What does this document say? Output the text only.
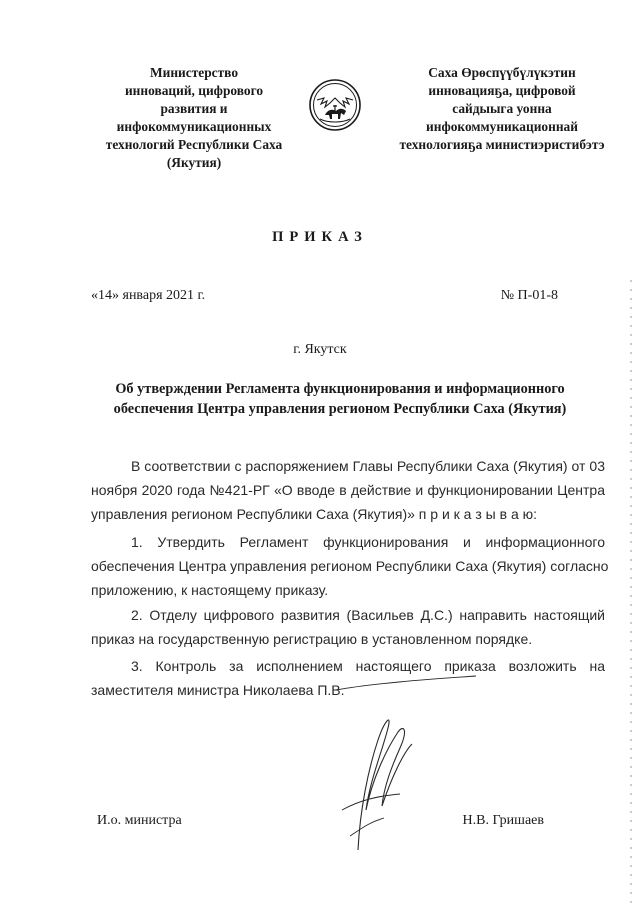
Министерство
инноваций, цифрового
развития и
инфокоммуникационных
технологий Республики Саха
(Якутия)
Саха Өрөспүүбүлүкэтин
инновацияҕа, цифровой
сайдыыга уонна
инфокоммуникационнай
технологияҕа министиэристибэтэ
ПРИКАЗ
«14» января 2021 г.	№ П-01-8
г. Якутск
Об утверждении Регламента функционирования и информационного
обеспечения Центра управления регионом Республики Саха (Якутия)
В соответствии с распоряжением Главы Республики Саха (Якутия) от 03
ноября 2020 года №421-РГ «О вводе в действие и функционировании Центра
управления регионом Республики Саха (Якутия)» п р и к а з ы в а ю:
1. Утвердить Регламент функционирования и информационного
обеспечения Центра управления регионом Республики Саха (Якутия) согласно
приложению, к настоящему приказу.
2. Отделу цифрового развития (Васильев Д.С.) направить настоящий
приказ на государственную регистрацию в установленном порядке.
3. Контроль за исполнением настоящего приказа возложить на
заместителя министра Николаева П.В.
И.о. министра	Н.В. Гришаев
